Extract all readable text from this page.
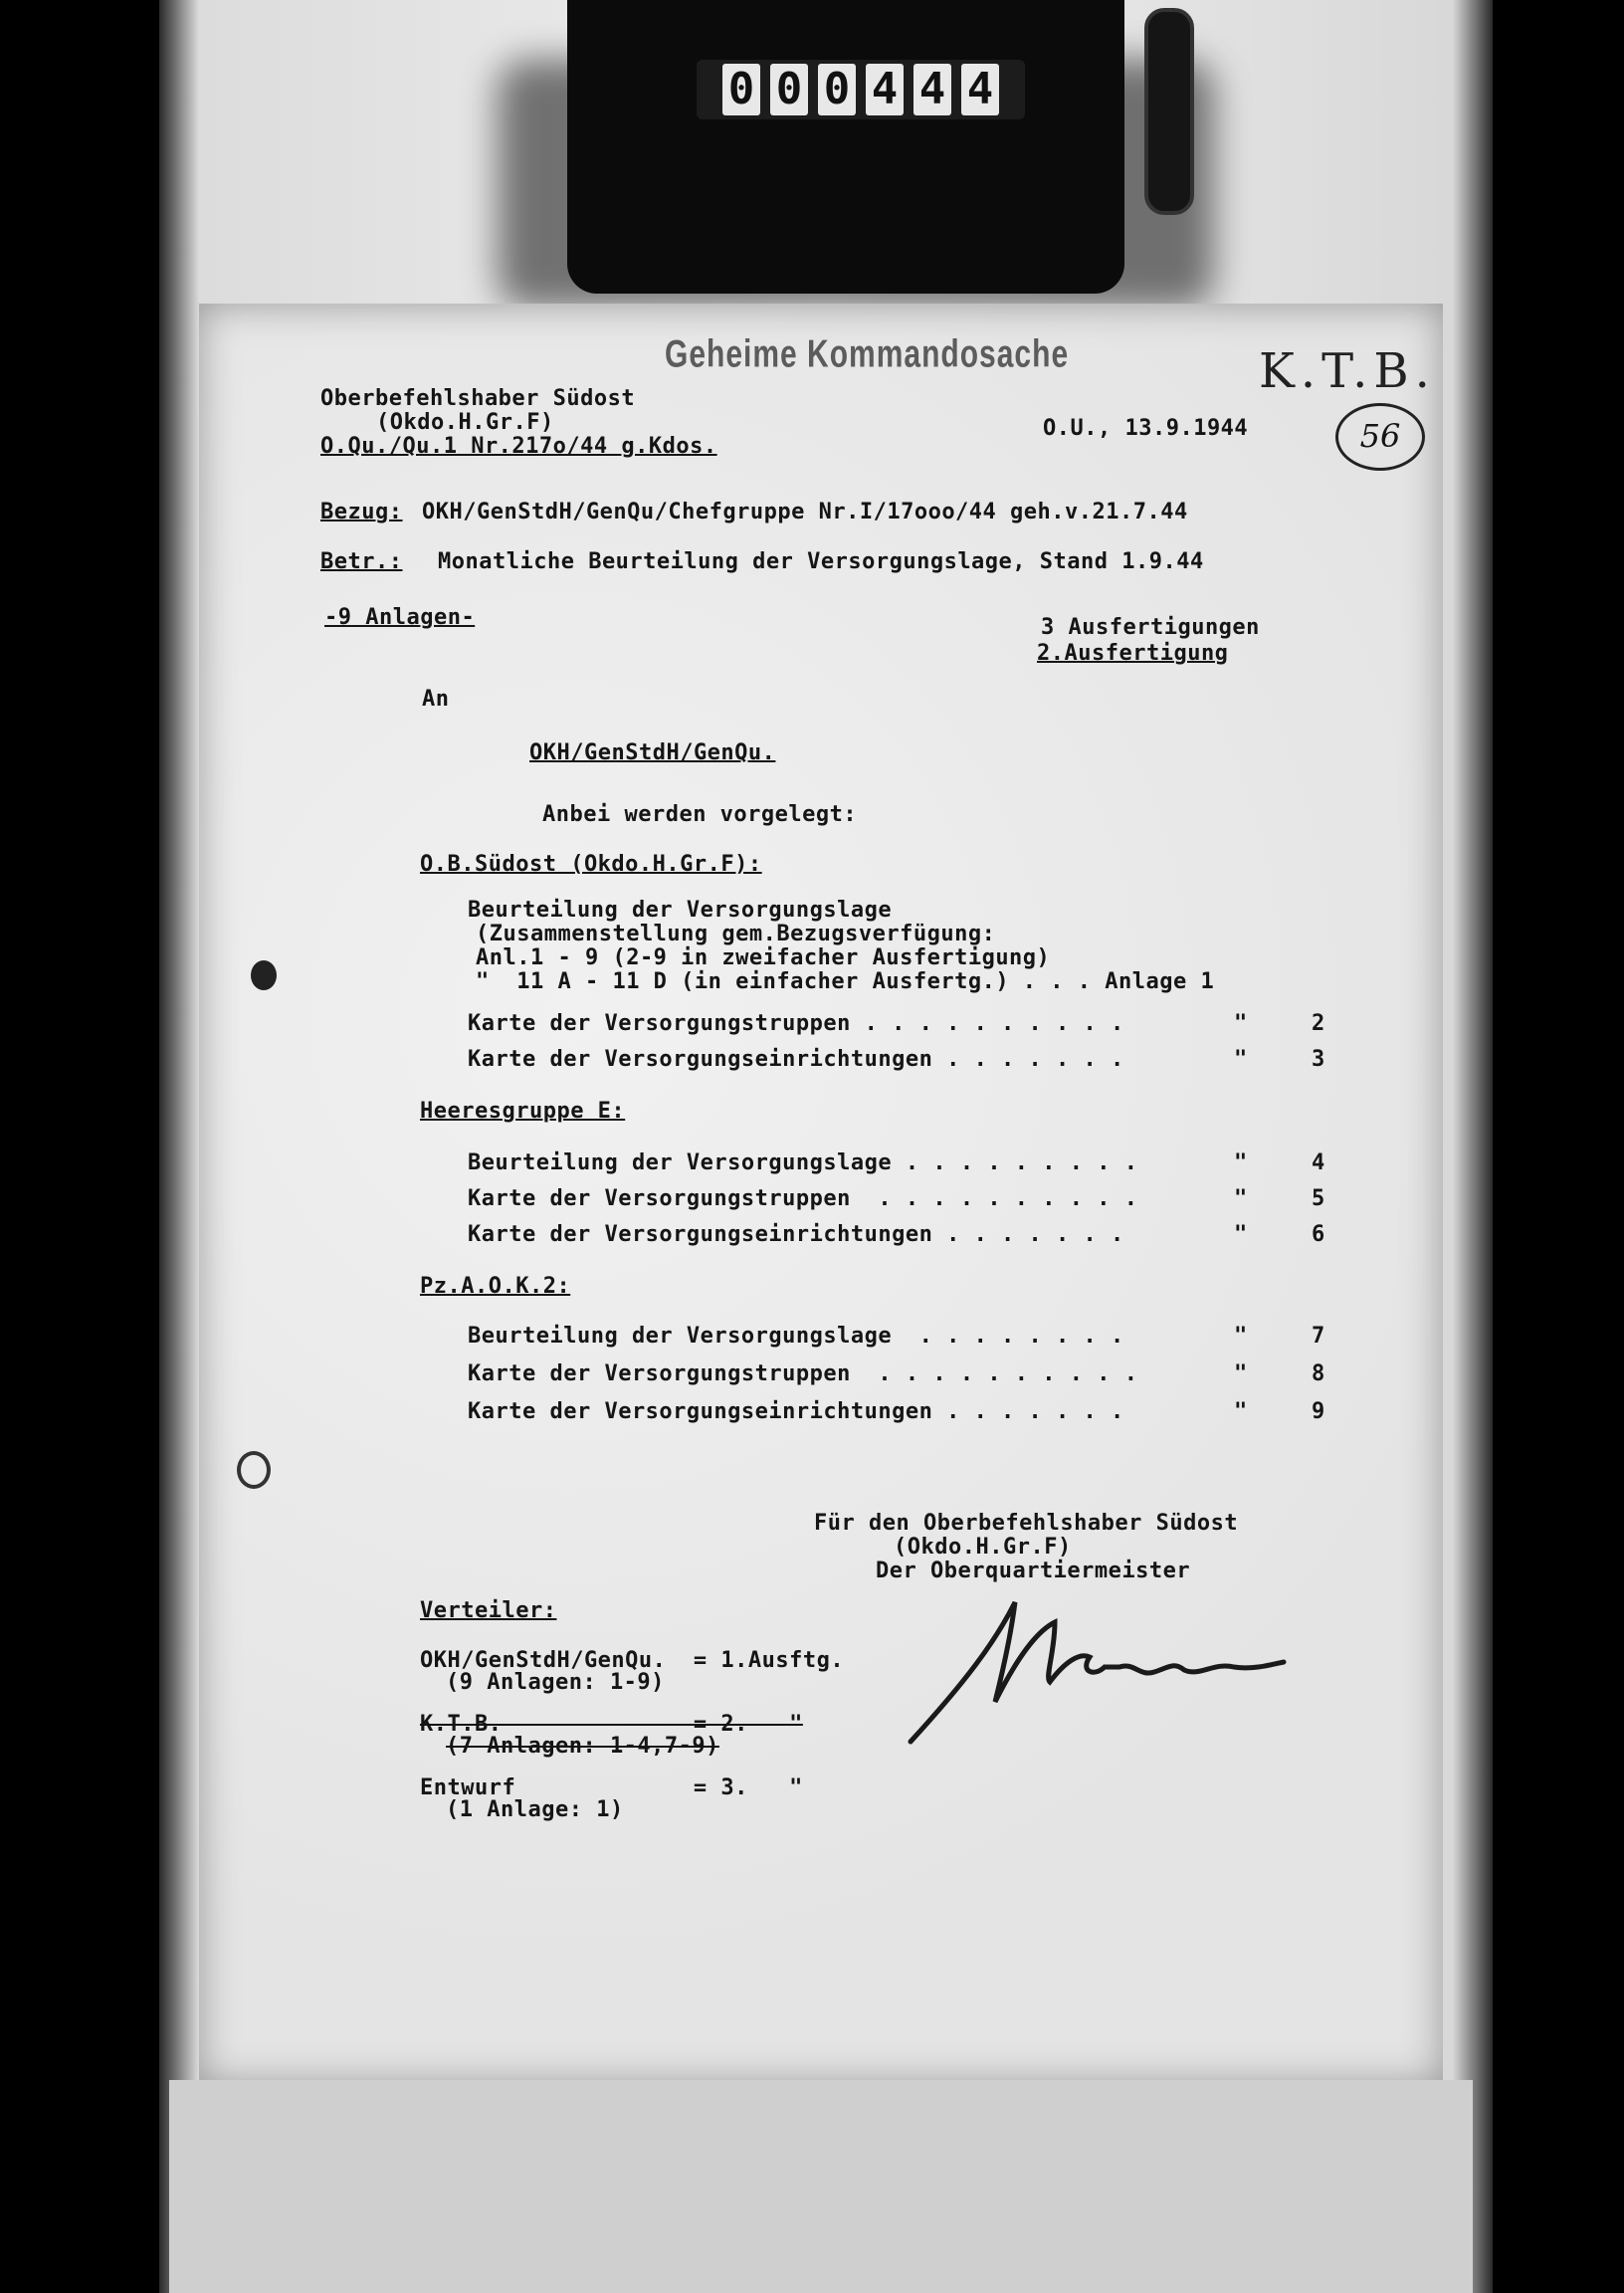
0 0 0 4 4 4
Geheime Kommandosache	K.T.B.
56
Oberbefehlshaber Südost
(Okdo.H.Gr.F)
O.Qu./Qu.1 Nr.217o/44 g.Kdos.
O.U., 13.9.1944
Bezug: OKH/GenStdH/GenQu/Chefgruppe Nr.I/17ooo/44 geh.v.21.7.44
Betr.: Monatliche Beurteilung der Versorgungslage, Stand 1.9.44
-9 Anlagen-	3 Ausfertigungen
2.Ausfertigung
An
OKH/GenStdH/GenQu.
Anbei werden vorgelegt:
O.B.Südost (Okdo.H.Gr.F):
Beurteilung der Versorgungslage
(Zusammenstellung gem.Bezugsverfügung:
Anl.1 - 9 (2-9 in zweifacher Ausfertigung)
"  11 A - 11 D (in einfacher Ausfertg.) . . . Anlage 1
Karte der Versorgungstruppen . . . . . . . . . .	"	2
Karte der Versorgungseinrichtungen . . . . . . .	"	3
Heeresgruppe E:
Beurteilung der Versorgungslage . . . . . . . . .	"	4
Karte der Versorgungstruppen  . . . . . . . . . .	"	5
Karte der Versorgungseinrichtungen . . . . . . .	"	6
Pz.A.O.K.2:
Beurteilung der Versorgungslage  . . . . . . . .	"	7
Karte der Versorgungstruppen  . . . . . . . . . .	"	8
Karte der Versorgungseinrichtungen . . . . . . .	"	9
Für den Oberbefehlshaber Südost
(Okdo.H.Gr.F)
Der Oberquartiermeister
Verteiler:
OKH/GenStdH/GenQu.  = 1.Ausftg.
(9 Anlagen: 1-9)
K.T.B.              = 2.   "
(7 Anlagen: 1-4,7-9)
Entwurf             = 3.   "
(1 Anlage: 1)
